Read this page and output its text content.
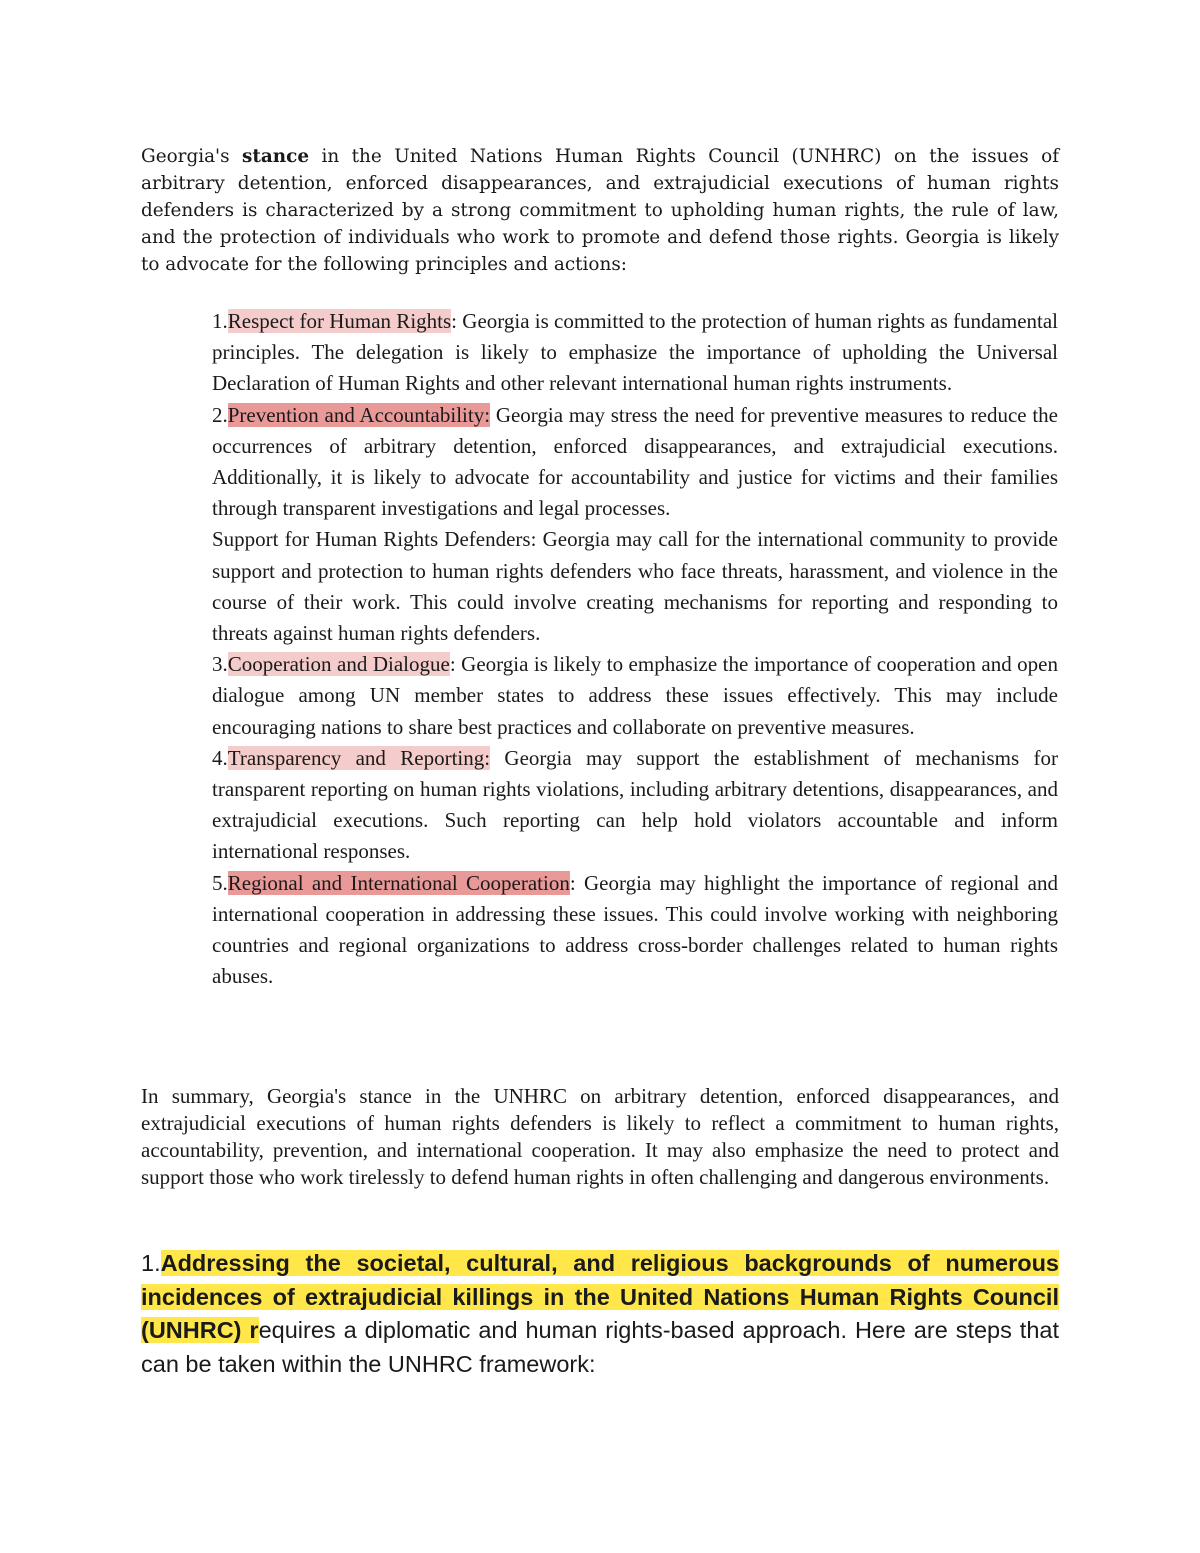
Georgia's stance in the United Nations Human Rights Council (UNHRC) on the issues of arbitrary detention, enforced disappearances, and extrajudicial executions of human rights defenders is characterized by a strong commitment to upholding human rights, the rule of law, and the protection of individuals who work to promote and defend those rights. Georgia is likely to advocate for the following principles and actions:

1.Respect for Human Rights: Georgia is committed to the protection of human rights as fundamental principles. The delegation is likely to emphasize the importance of upholding the Universal Declaration of Human Rights and other relevant international human rights instruments.
2.Prevention and Accountability: Georgia may stress the need for preventive measures to reduce the occurrences of arbitrary detention, enforced disappearances, and extrajudicial executions. Additionally, it is likely to advocate for accountability and justice for victims and their families through transparent investigations and legal processes.

Support for Human Rights Defenders: Georgia may call for the international community to provide support and protection to human rights defenders who face threats, harassment, and violence in the course of their work. This could involve creating mechanisms for reporting and responding to threats against human rights defenders.

3.Cooperation and Dialogue: Georgia is likely to emphasize the importance of cooperation and open dialogue among UN member states to address these issues effectively. This may include encouraging nations to share best practices and collaborate on preventive measures.
4.Transparency and Reporting: Georgia may support the establishment of mechanisms for transparent reporting on human rights violations, including arbitrary detentions, disappearances, and extrajudicial executions. Such reporting can help hold violators accountable and inform international responses.
5.Regional and International Cooperation: Georgia may highlight the importance of regional and international cooperation in addressing these issues. This could involve working with neighboring countries and regional organizations to address cross-border challenges related to human rights abuses.

In summary, Georgia's stance in the UNHRC on arbitrary detention, enforced disappearances, and extrajudicial executions of human rights defenders is likely to reflect a commitment to human rights, accountability, prevention, and international cooperation. It may also emphasize the need to protect and support those who work tirelessly to defend human rights in often challenging and dangerous environments.

1.Addressing the societal, cultural, and religious backgrounds of numerous incidences of extrajudicial killings in the United Nations Human Rights Council (UNHRC) requires a diplomatic and human rights-based approach. Here are steps that can be taken within the UNHRC framework:
